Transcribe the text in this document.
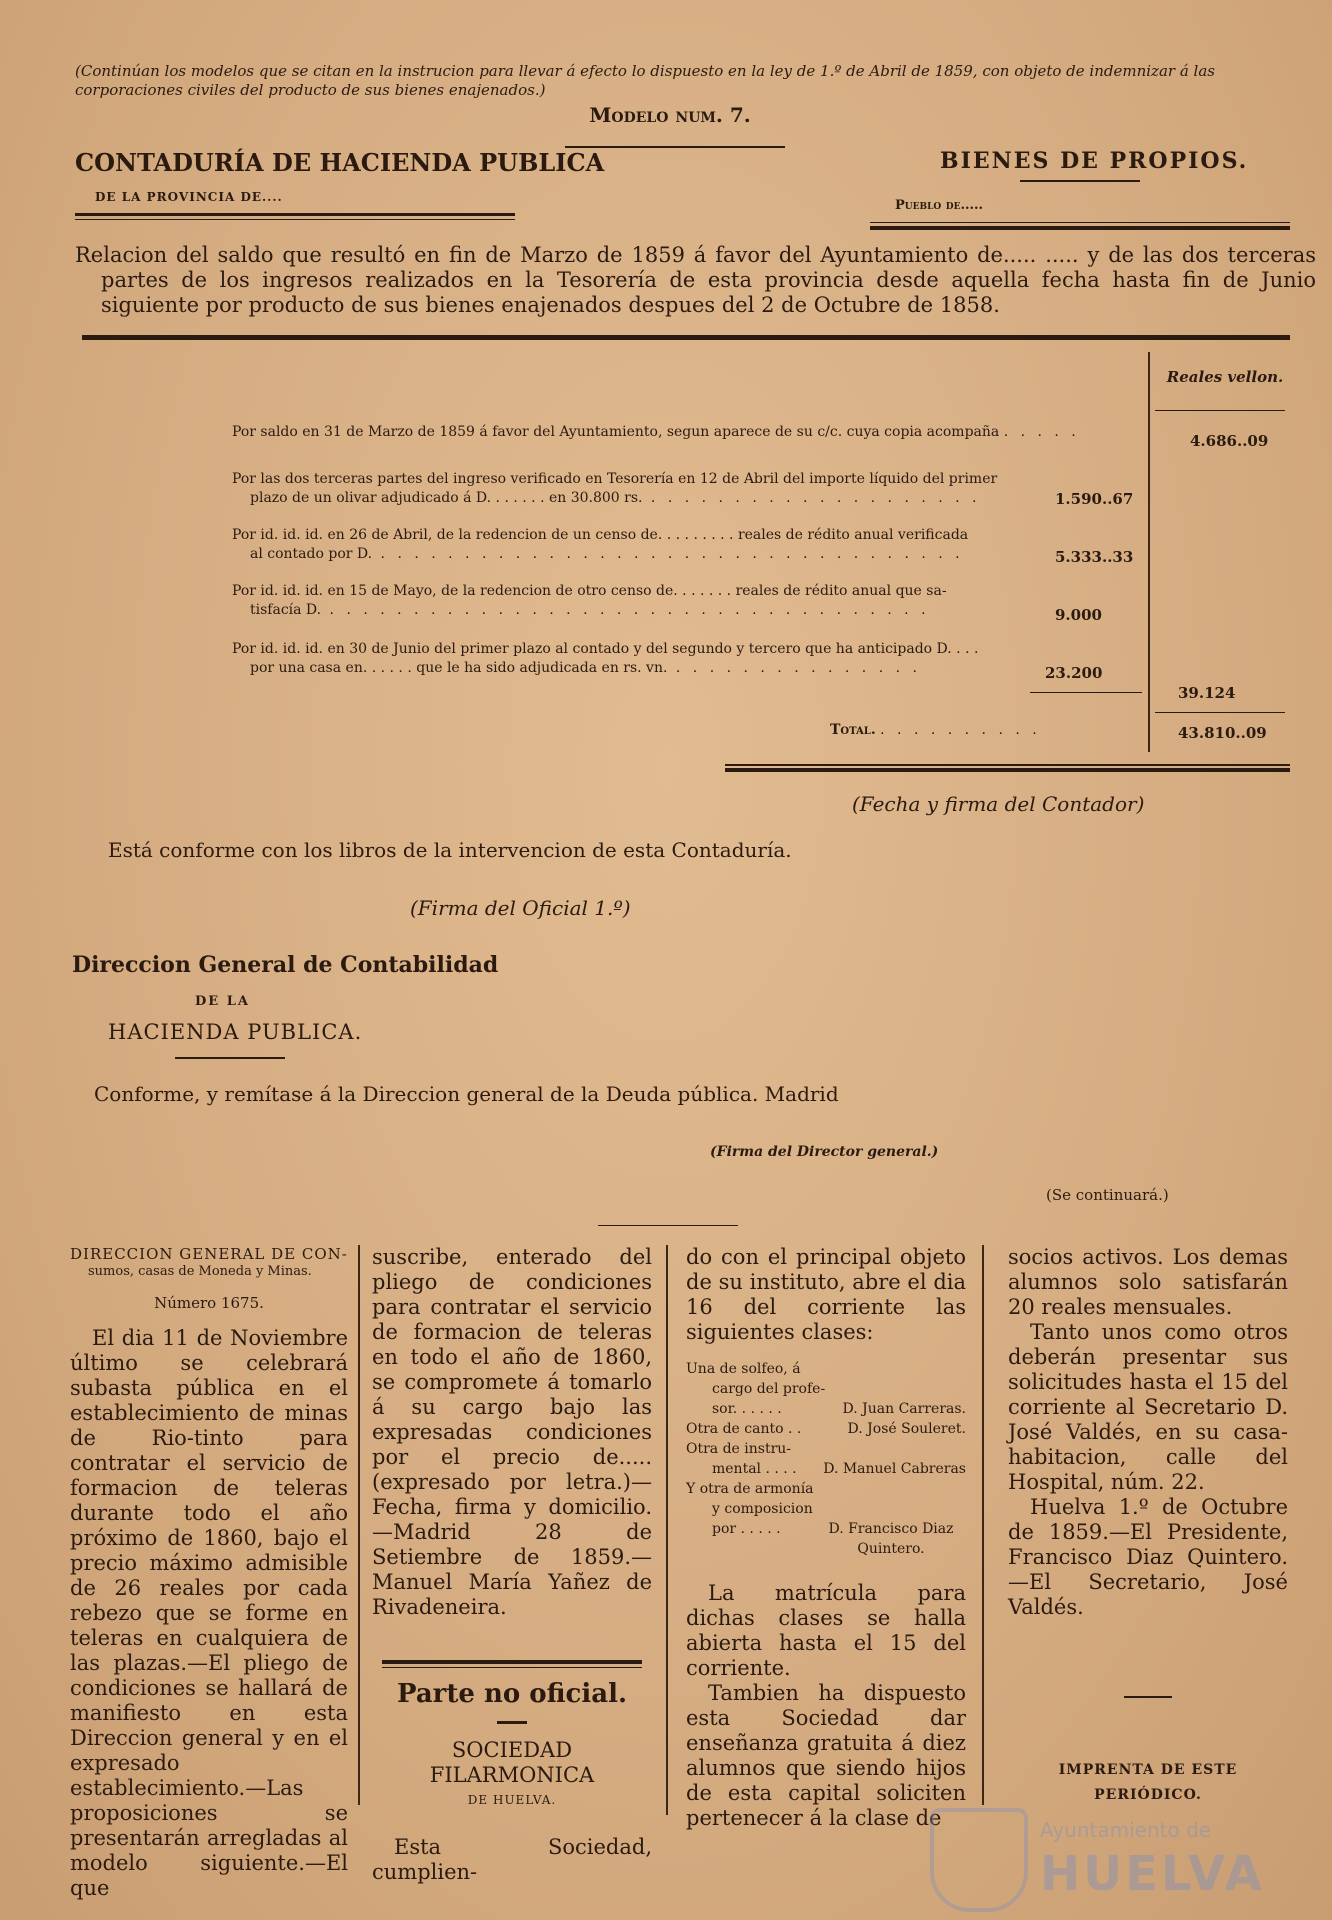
(Continúan los modelos que se citan en la instrucion para llevar á efecto lo dispuesto en la ley de 1.º de Abril de 1859, con objeto de indemnizar á las corporaciones civiles del producto de sus bienes enajenados.)
Modelo num. 7.
CONTADURÍA DE HACIENDA PUBLICA
DE LA PROVINCIA DE....
BIENES DE PROPIOS.
Pueblo de.....
Relacion del saldo que resultó en fin de Marzo de 1859 á favor del Ayuntamiento de..... ..... y de las dos terceras partes de los ingresos realizados en la Tesorería de esta provincia desde aquella fecha hasta fin de Junio siguiente por producto de sus bienes enajenados despues del 2 de Octubre de 1858.
Reales vellon.
Por saldo en 31 de Marzo de 1859 á favor del Ayuntamiento, segun aparece de su c/c. cuya copia acompaña . . . . .	4.686..09
Por las dos terceras partes del ingreso verificado en Tesorería en 12 de Abril del importe líquido del primer
plazo de un olivar adjudicado á D. . . . . . . en 30.800 rs. . . . . . . . . . . . . . . . . . . . .	1.590..67
Por id. id. id. en 26 de Abril, de la redencion de un censo de. . . . . . . . . reales de rédito anual verificada
al contado por D. . . . . . . . . . . . . . . . . . . . . . . . . . . . . . . . . . . .	5.333..33
Por id. id. id. en 15 de Mayo, de la redencion de otro censo de. . . . . . . reales de rédito anual que sa-
tisfacía D. . . . . . . . . . . . . . . . . . . . . . . . . . . . . . . . . . . . .	9.000
Por id. id. id. en 30 de Junio del primer plazo al contado y del segundo y tercero que ha anticipado D. . . .
por una casa en. . . . . . que le ha sido adjudicada en rs. vn. . . . . . . . . . . . . . . .	23.200
39.124
Total. . . . . . . . . . .	43.810..09
(Fecha y firma del Contador)
Está conforme con los libros de la intervencion de esta Contaduría.
(Firma del Oficial 1.º)
Direccion General de Contabilidad
DE LA
HACIENDA PUBLICA.
Conforme, y remítase á la Direccion general de la Deuda pública. Madrid
(Firma del Director general.)
(Se continuará.)
DIRECCION GENERAL DE CON-
sumos, casas de Moneda y Minas.
Número 1675.

El dia 11 de Noviembre último se celebrará subasta pública en el establecimiento de minas de Rio-tinto para contratar el servicio de formacion de teleras durante todo el año próximo de 1860, bajo el precio máximo admisible de 26 reales por cada rebezo que se forme en teleras en cualquiera de las plazas.—El pliego de condiciones se hallará de manifiesto en esta Direccion general y en el expresado establecimiento.—Las proposiciones se presentarán arregladas al modelo siguiente.—El que

suscribe, enterado del pliego de condiciones para contratar el servicio de formacion de teleras en todo el año de 1860, se compromete á tomarlo á su cargo bajo las expresadas condiciones por el precio de..... (expresado por letra.)—Fecha, firma y domicilio.—Madrid 28 de Setiembre de 1859.—Manuel María Yañez de Rivadeneira.

Parte no oficial.
SOCIEDAD FILARMONICA
DE HUELVA.

Esta Sociedad, cumplien-

do con el principal objeto de su instituto, abre el dia 16 del corriente las siguientes clases:

Una de solfeo, á
cargo del profe-
sor. . . . . .	D. Juan Carreras.
Otra de canto . .	D. José Souleret.
Otra de instru-
mental . . . . D. Manuel Cabreras
Y otra de armonía
y composicion
por . . . . .	D. Francisco Diaz Quintero.

La matrícula para dichas clases se halla abierta hasta el 15 del corriente.

Tambien ha dispuesto esta Sociedad dar enseñanza gratuita á diez alumnos que siendo hijos de esta capital soliciten pertenecer á la clase de

socios activos. Los demas alumnos solo satisfarán 20 reales mensuales.

Tanto unos como otros deberán presentar sus solicitudes hasta el 15 del corriente al Secretario D. José Valdés, en su casa-habitacion, calle del Hospital, núm. 22.

Huelva 1.º de Octubre de 1859.—El Presidente, Francisco Diaz Quintero.—El Secretario, José Valdés.

IMPRENTA DE ESTE PERIÓDICO.
Ayuntamiento de
HUELVA
